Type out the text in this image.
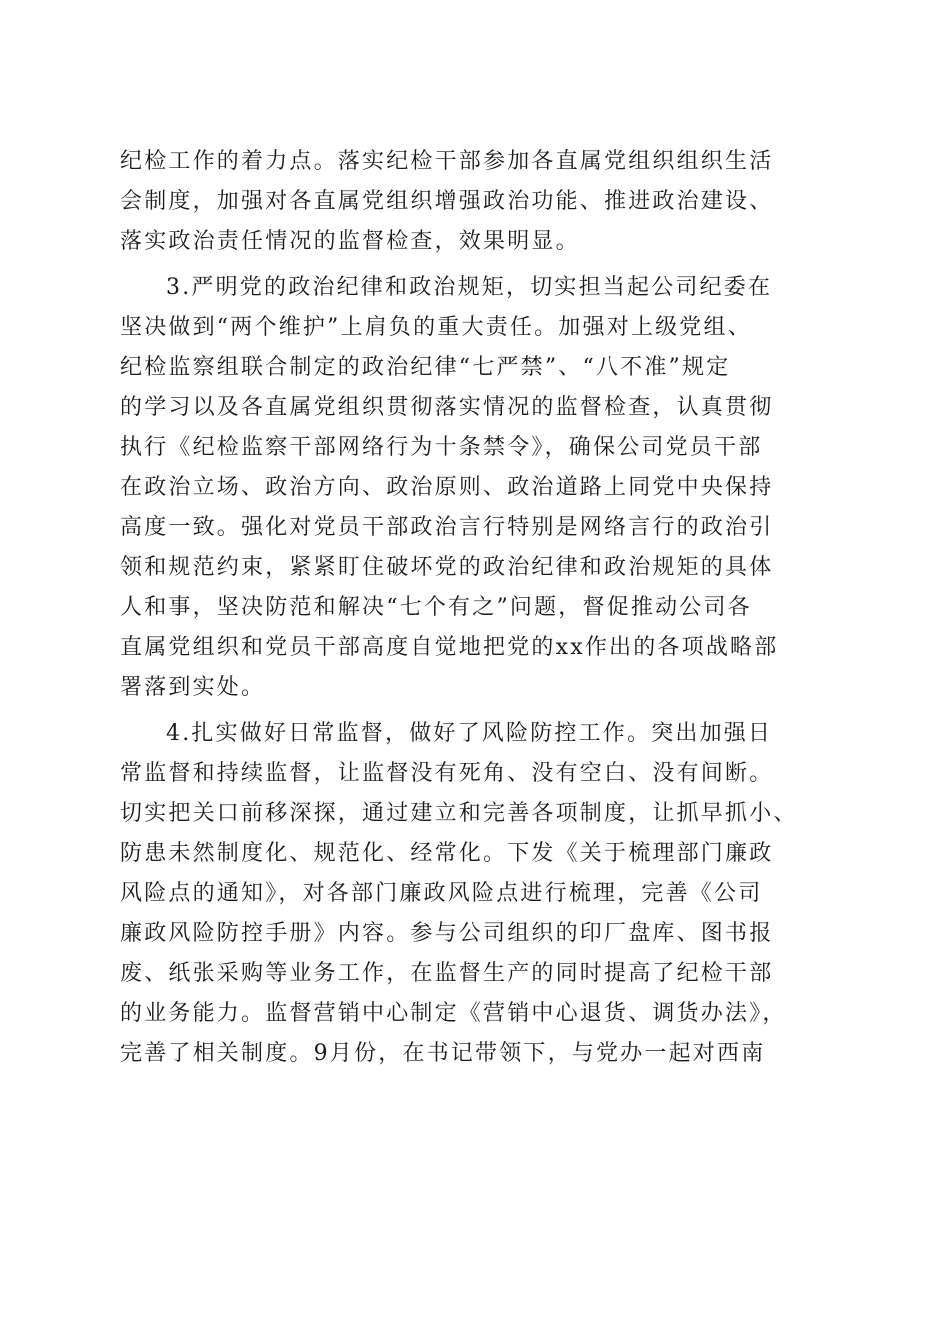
纪检工作的着力点。落实纪检干部参加各直属党组织组织生活
会制度，加强对各直属党组织增强政治功能、推进政治建设、
落实政治责任情况的监督检查，效果明显。
3.严明党的政治纪律和政治规矩，切实担当起公司纪委在
坚决做到“两个维护”上肩负的重大责任。加强对上级党组、
纪检监察组联合制定的政治纪律“七严禁”、“八不准”规定
的学习以及各直属党组织贯彻落实情况的监督检查，认真贯彻
执行《纪检监察干部网络行为十条禁令》，确保公司党员干部
在政治立场、政治方向、政治原则、政治道路上同党中央保持
高度一致。强化对党员干部政治言行特别是网络言行的政治引
领和规范约束，紧紧盯住破坏党的政治纪律和政治规矩的具体
人和事，坚决防范和解决“七个有之”问题，督促推动公司各
直属党组织和党员干部高度自觉地把党的xx作出的各项战略部
署落到实处。
4.扎实做好日常监督，做好了风险防控工作。突出加强日
常监督和持续监督，让监督没有死角、没有空白、没有间断。
切实把关口前移深探，通过建立和完善各项制度，让抓早抓小、
防患未然制度化、规范化、经常化。下发《关于梳理部门廉政
风险点的通知》，对各部门廉政风险点进行梳理，完善《公司
廉政风险防控手册》内容。参与公司组织的印厂盘库、图书报
废、纸张采购等业务工作，在监督生产的同时提高了纪检干部
的业务能力。监督营销中心制定《营销中心退货、调货办法》，
完善了相关制度。9月份，在书记带领下，与党办一起对西南
